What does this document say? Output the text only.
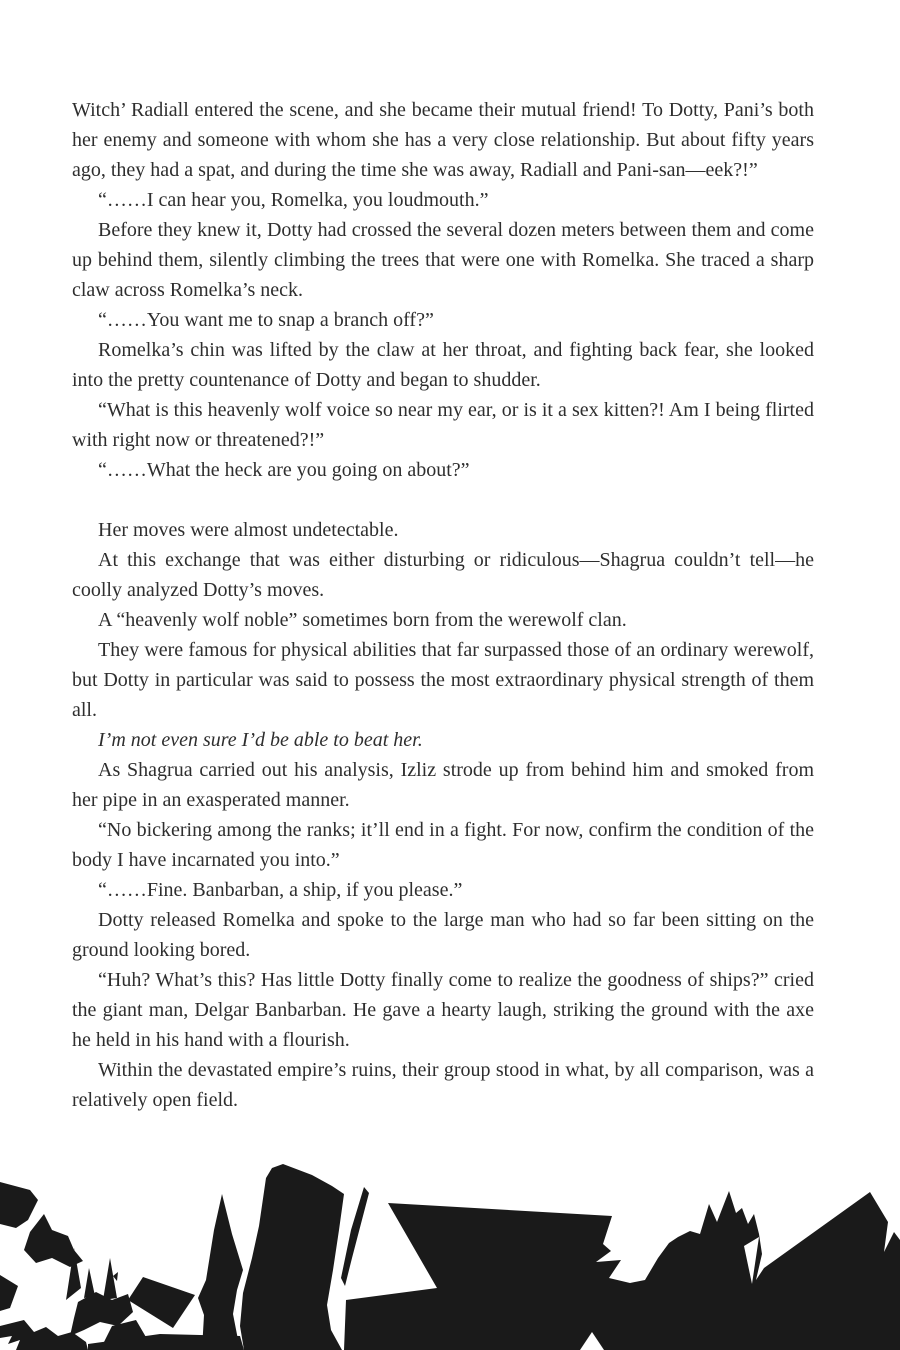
Witch’ Radiall entered the scene, and she became their mutual friend! To Dotty, Pani’s both her enemy and someone with whom she has a very close relationship. But about fifty years ago, they had a spat, and during the time she was away, Radiall and Pani-san—eek?!”

“……I can hear you, Romelka, you loudmouth.”

Before they knew it, Dotty had crossed the several dozen meters between them and come up behind them, silently climbing the trees that were one with Romelka. She traced a sharp claw across Romelka’s neck.

“……You want me to snap a branch off?”

Romelka’s chin was lifted by the claw at her throat, and fighting back fear, she looked into the pretty countenance of Dotty and began to shudder.

“What is this heavenly wolf voice so near my ear, or is it a sex kitten?! Am I being flirted with right now or threatened?!”

“……What the heck are you going on about?”

Her moves were almost undetectable.

At this exchange that was either disturbing or ridiculous—Shagrua couldn’t tell—he coolly analyzed Dotty’s moves.

A “heavenly wolf noble” sometimes born from the werewolf clan.

They were famous for physical abilities that far surpassed those of an ordinary werewolf, but Dotty in particular was said to possess the most extraordinary physical strength of them all.

I’m not even sure I’d be able to beat her.

As Shagrua carried out his analysis, Izliz strode up from behind him and smoked from her pipe in an exasperated manner.

“No bickering among the ranks; it’ll end in a fight. For now, confirm the condition of the body I have incarnated you into.”

“……Fine. Banbarban, a ship, if you please.”

Dotty released Romelka and spoke to the large man who had so far been sitting on the ground looking bored.

“Huh? What’s this? Has little Dotty finally come to realize the goodness of ships?” cried the giant man, Delgar Banbarban. He gave a hearty laugh, striking the ground with the axe he held in his hand with a flourish.

Within the devastated empire’s ruins, their group stood in what, by all comparison, was a relatively open field.
